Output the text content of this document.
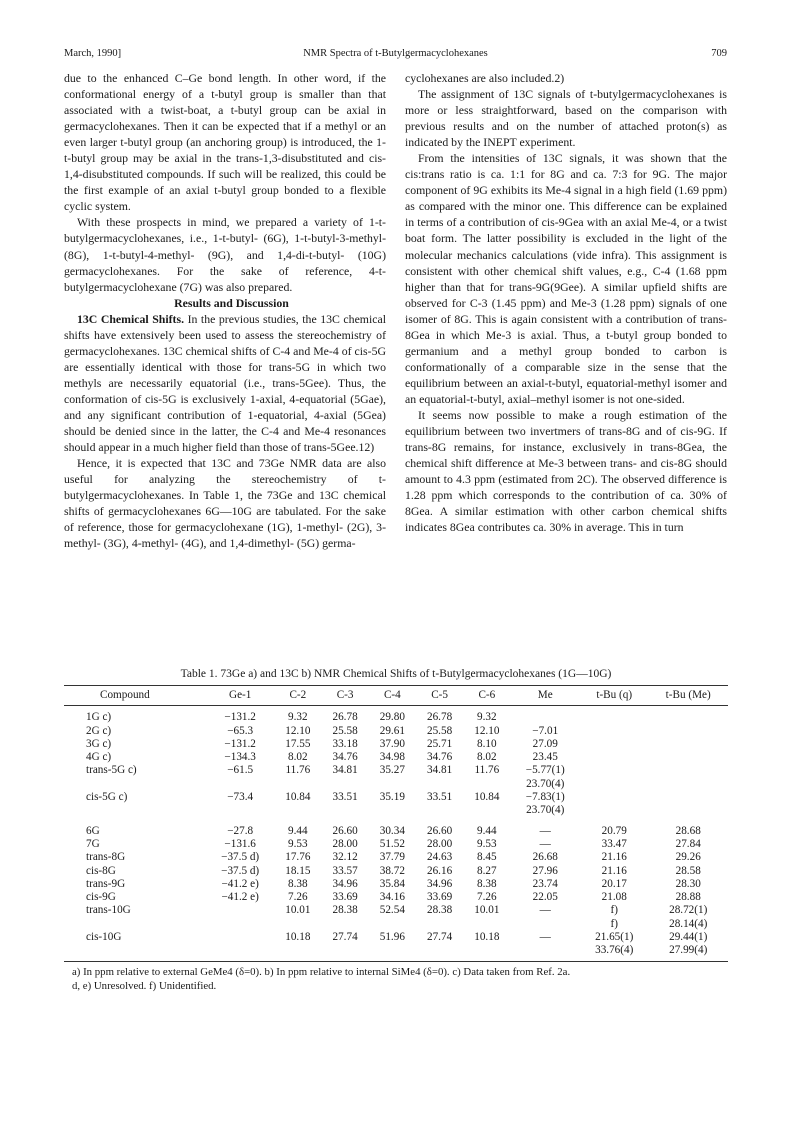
March, 1990]	NMR Spectra of t-Butylgermacyclohexanes	709

due to the enhanced C–Ge bond length. In other word, if the conformational energy of a t-butyl group is smaller than that associated with a twist-boat, a t-butyl group can be axial in germacyclohexanes. Then it can be expected that if a methyl or an even larger t-butyl group (an anchoring group) is introduced, the 1-t-butyl group may be axial in the trans-1,3-disubstituted and cis-1,4-disubstituted compounds. If such will be realized, this could be the first example of an axial t-butyl group bonded to a flexible cyclic system.

With these prospects in mind, we prepared a variety of 1-t-butylgermacyclohexanes, i.e., 1-t-butyl- (6G), 1-t-butyl-3-methyl- (8G), 1-t-butyl-4-methyl- (9G), and 1,4-di-t-butyl- (10G) germacyclohexanes. For the sake of reference, 4-t-butylgermacyclohexane (7G) was also prepared.

Results and Discussion

13C Chemical Shifts. In the previous studies, the 13C chemical shifts have extensively been used to assess the stereochemistry of germacyclohexanes. 13C chemical shifts of C-4 and Me-4 of cis-5G are essentially identical with those for trans-5G in which two methyls are necessarily equatorial (i.e., trans-5Gee). Thus, the conformation of cis-5G is exclusively 1-axial, 4-equatorial (5Gae), and any significant contribution of 1-equatorial, 4-axial (5Gea) should be denied since in the latter, the C-4 and Me-4 resonances should appear in a much higher field than those of trans-5Gee.12)

Hence, it is expected that 13C and 73Ge NMR data are also useful for analyzing the stereochemistry of t-butylgermacyclohexanes. In Table 1, the 73Ge and 13C chemical shifts of germacyclohexanes 6G—10G are tabulated. For the sake of reference, those for germacyclohexane (1G), 1-methyl- (2G), 3-methyl- (3G), 4-methyl- (4G), and 1,4-dimethyl- (5G) germa-

cyclohexanes are also included.2)

The assignment of 13C signals of t-butylgermacyclohexanes is more or less straightforward, based on the comparison with previous results and on the number of attached proton(s) as indicated by the INEPT experiment.

From the intensities of 13C signals, it was shown that the cis:trans ratio is ca. 1:1 for 8G and ca. 7:3 for 9G. The major component of 9G exhibits its Me-4 signal in a high field (1.69 ppm) as compared with the minor one. This difference can be explained in terms of a contribution of cis-9Gea with an axial Me-4, or a twist boat form. The latter possibility is excluded in the light of the molecular mechanics calculations (vide infra). This assignment is consistent with other chemical shift values, e.g., C-4 (1.68 ppm higher than that for trans-9G(9Gee). A similar upfield shifts are observed for C-3 (1.45 ppm) and Me-3 (1.28 ppm) signals of one isomer of 8G. This is again consistent with a contribution of trans-8Gea in which Me-3 is axial. Thus, a t-butyl group bonded to germanium and a methyl group bonded to carbon is conformationally of a comparable size in the sense that the equilibrium between an axial-t-butyl, equatorial-methyl isomer and an equatorial-t-butyl, axial–methyl isomer is not one-sided.

It seems now possible to make a rough estimation of the equilibrium between two invertmers of trans-8G and of cis-9G. If trans-8G remains, for instance, exclusively in trans-8Gea, the chemical shift difference at Me-3 between trans- and cis-8G should amount to 4.3 ppm (estimated from 2C). The observed difference is 1.28 ppm which corresponds to the contribution of ca. 30% of 8Gea. A similar estimation with other carbon chemical shifts indicates 8Gea contributes ca. 30% in average. This in turn

Table 1. 73Ge a) and 13C b) NMR Chemical Shifts of t-Butylgermacyclohexanes (1G—10G)
Compound	Ge-1	C-2	C-3	C-4	C-5	C-6	Me	t-Bu (q)	t-Bu (Me)
1G c)	−131.2	9.32	26.78	29.80	26.78	9.32			
2G c)	−65.3	12.10	25.58	29.61	25.58	12.10	−7.01		
3G c)	−131.2	17.55	33.18	37.90	25.71	8.10	27.09		
4G c)	−134.3	8.02	34.76	34.98	34.76	8.02	23.45		
trans-5G c)	−61.5	11.76	34.81	35.27	34.81	11.76	−5.77(1)		
							23.70(4)		
cis-5G c)	−73.4	10.84	33.51	35.19	33.51	10.84	−7.83(1)		
							23.70(4)		
6G	−27.8	9.44	26.60	30.34	26.60	9.44	—	20.79	28.68
7G	−131.6	9.53	28.00	51.52	28.00	9.53	—	33.47	27.84
trans-8G	−37.5 d)	17.76	32.12	37.79	24.63	8.45	26.68	21.16	29.26
cis-8G	−37.5 d)	18.15	33.57	38.72	26.16	8.27	27.96	21.16	28.58
trans-9G	−41.2 e)	8.38	34.96	35.84	34.96	8.38	23.74	20.17	28.30
cis-9G	−41.2 e)	7.26	33.69	34.16	33.69	7.26	22.05	21.08	28.88
trans-10G		10.01	28.38	52.54	28.38	10.01	—	f)	28.72(1)
								f)	28.14(4)
cis-10G		10.18	27.74	51.96	27.74	10.18	—	21.65(1)	29.44(1)
								33.76(4)	27.99(4)
a) In ppm relative to external GeMe4 (δ=0). b) In ppm relative to internal SiMe4 (δ=0). c) Data taken from Ref. 2a.
d, e) Unresolved. f) Unidentified.
